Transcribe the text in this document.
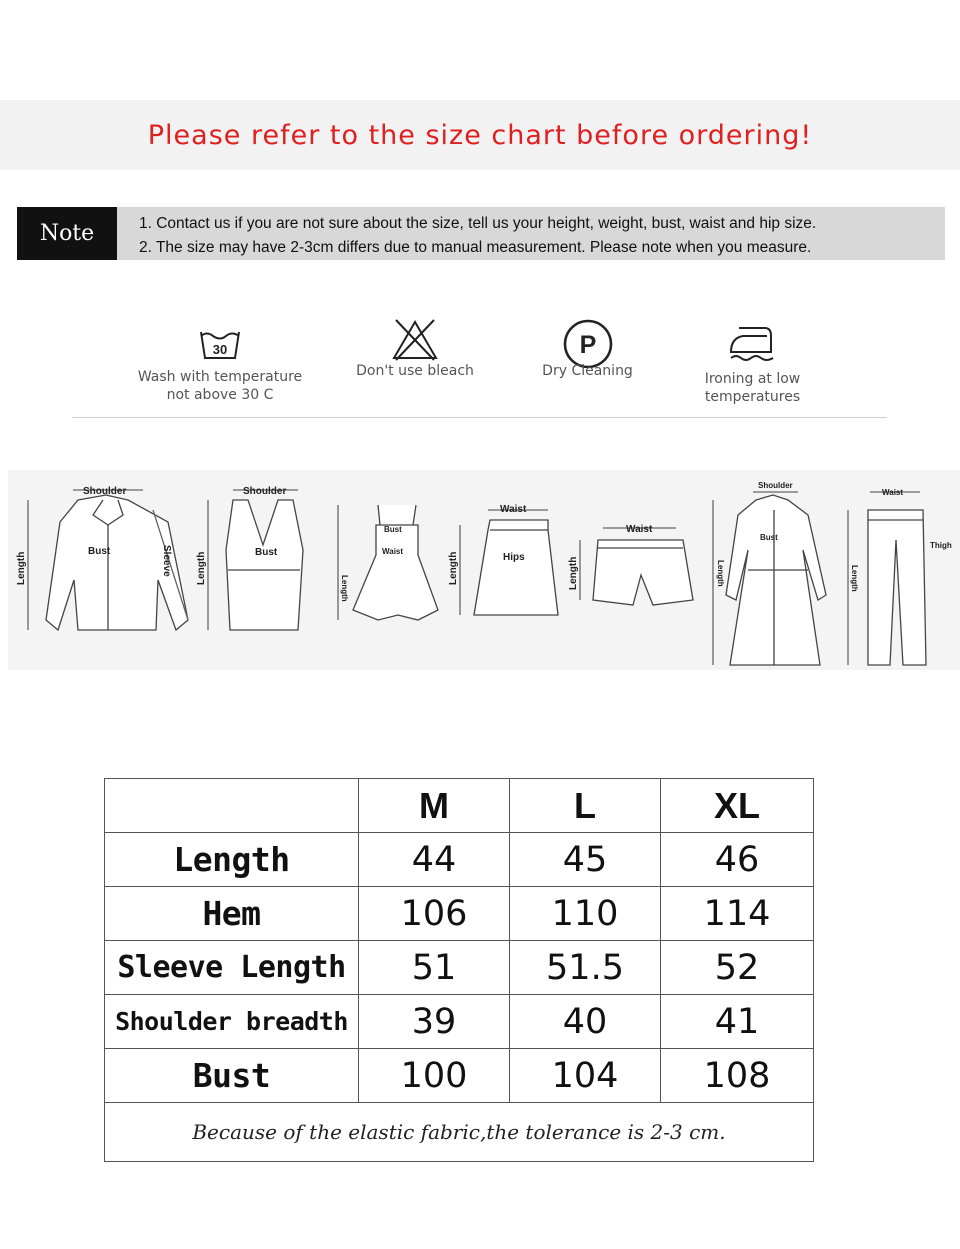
Please refer to the size chart before ordering!
Note	1. Contact us if you are not sure about the size, tell us your height, weight, bust, waist and hip size.
2. The size may have 2-3cm differs due to manual measurement. Please note when you measure.
30
Wash with temperature
not above 30 C
Don't use bleach
P
Dry Cleaning	Ironing at low
temperatures
Shoulder
Bust
Length	Sleeve
Shoulder
Bust
Length
Bust
Waist
Length
Waist
Hips
Length
Waist
Length
Shoulder
Bust
Length
Waist
Thigh
Length
	M	L	XL
Length	44	45	46
Hem	106	110	114
Sleeve Length	51	51.5	52
Shoulder breadth	39	40	41
Bust	100	104	108
Because of the elastic fabric,the tolerance is 2-3 cm.			
